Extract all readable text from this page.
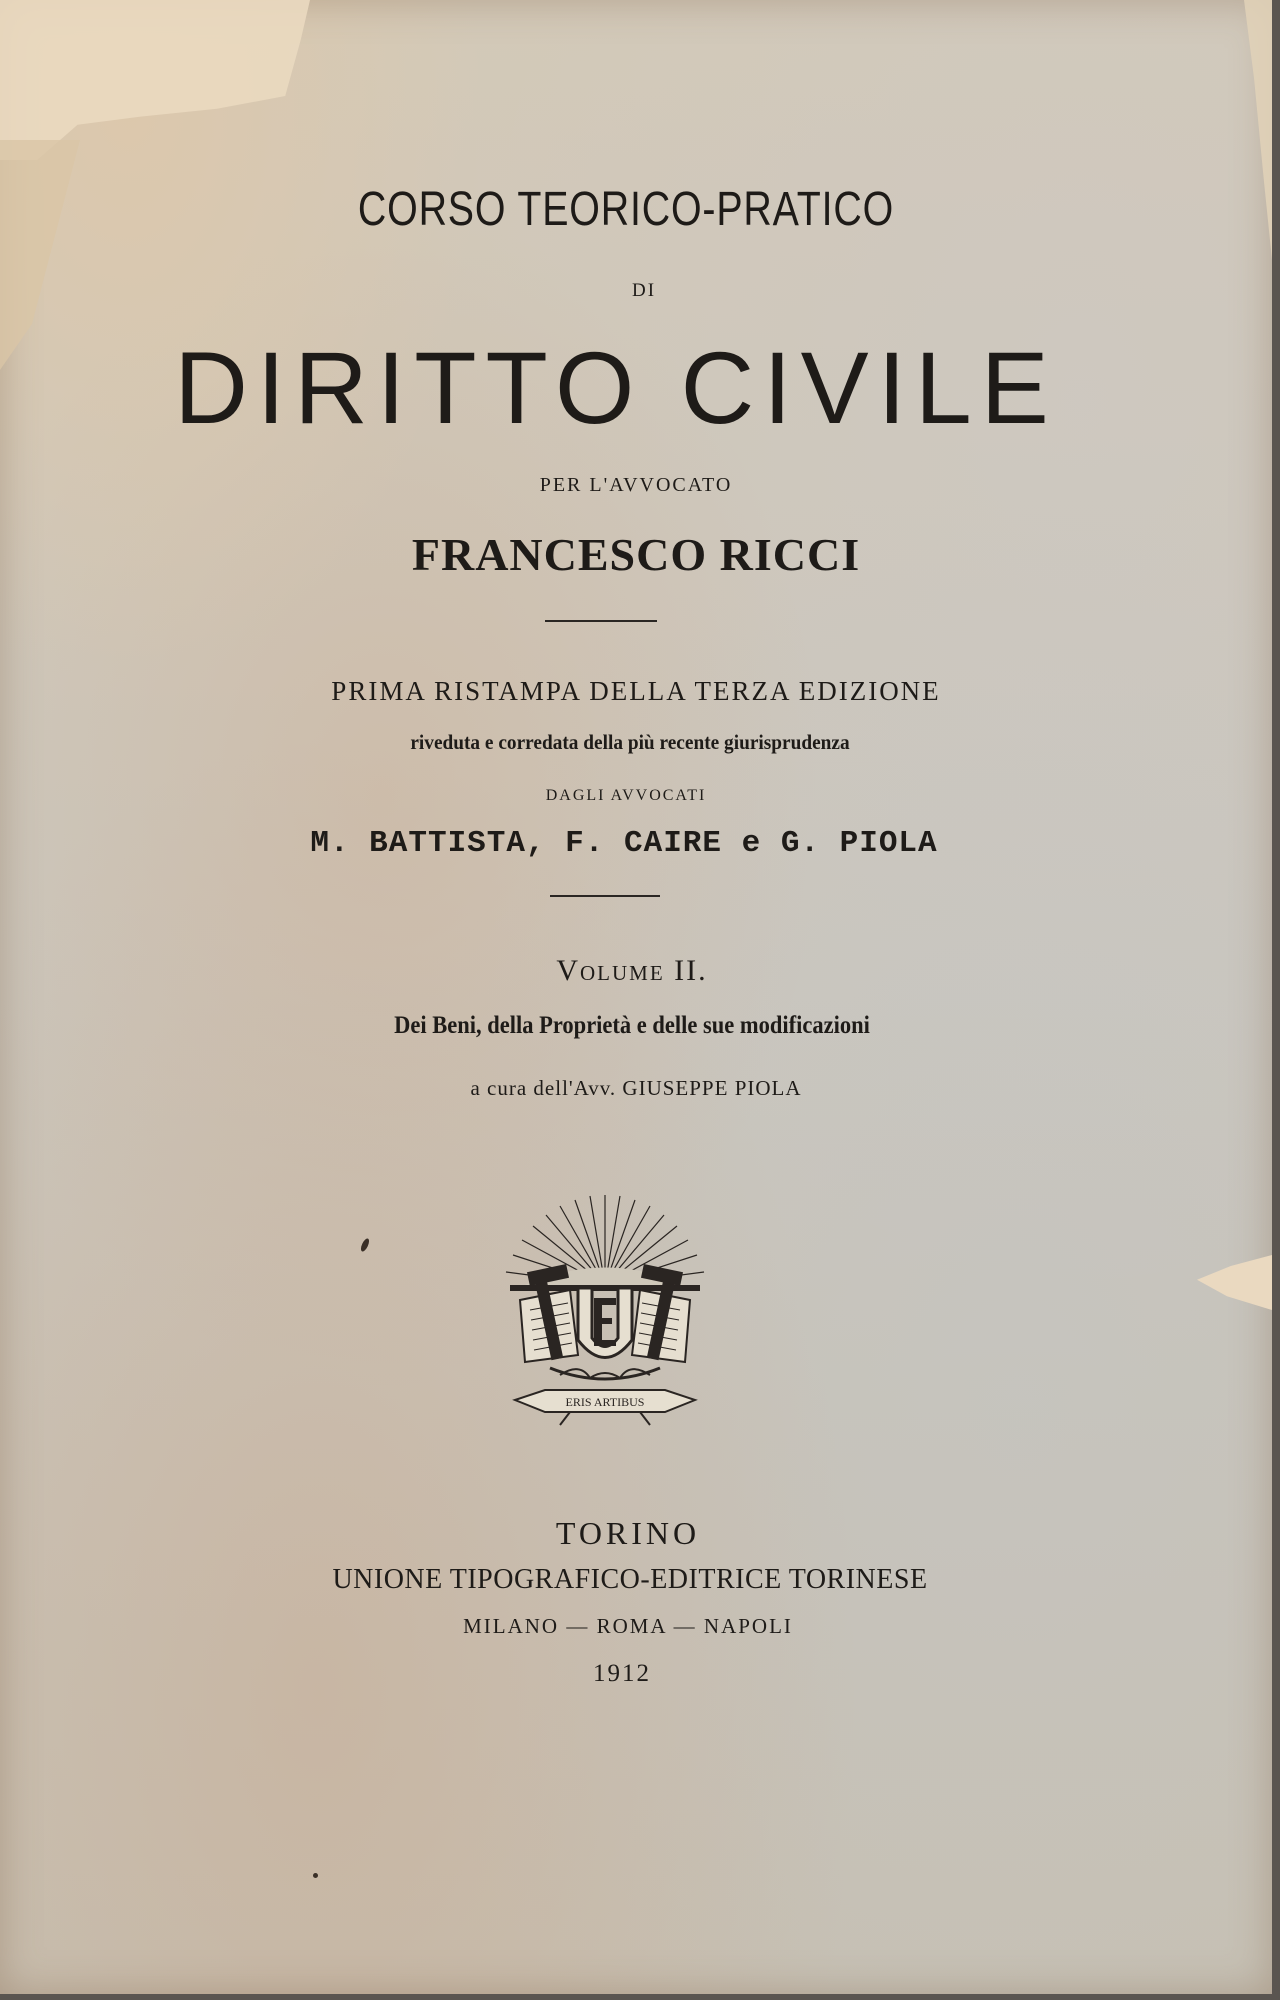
CORSO TEORICO-PRATICO

DI

DIRITTO CIVILE

PER L'AVVOCATO

FRANCESCO RICCI

PRIMA RISTAMPA DELLA TERZA EDIZIONE

riveduta e corredata della più recente giurisprudenza

DAGLI AVVOCATI

M. BATTISTA, F. CAIRE e G. PIOLA

Volume II.

Dei Beni, della Proprietà e delle sue modificazioni

a cura dell'Avv. GIUSEPPE PIOLA

ERIS ARTIBUS

TORINO

UNIONE TIPOGRAFICO-EDITRICE TORINESE

MILANO — ROMA — NAPOLI

1912
